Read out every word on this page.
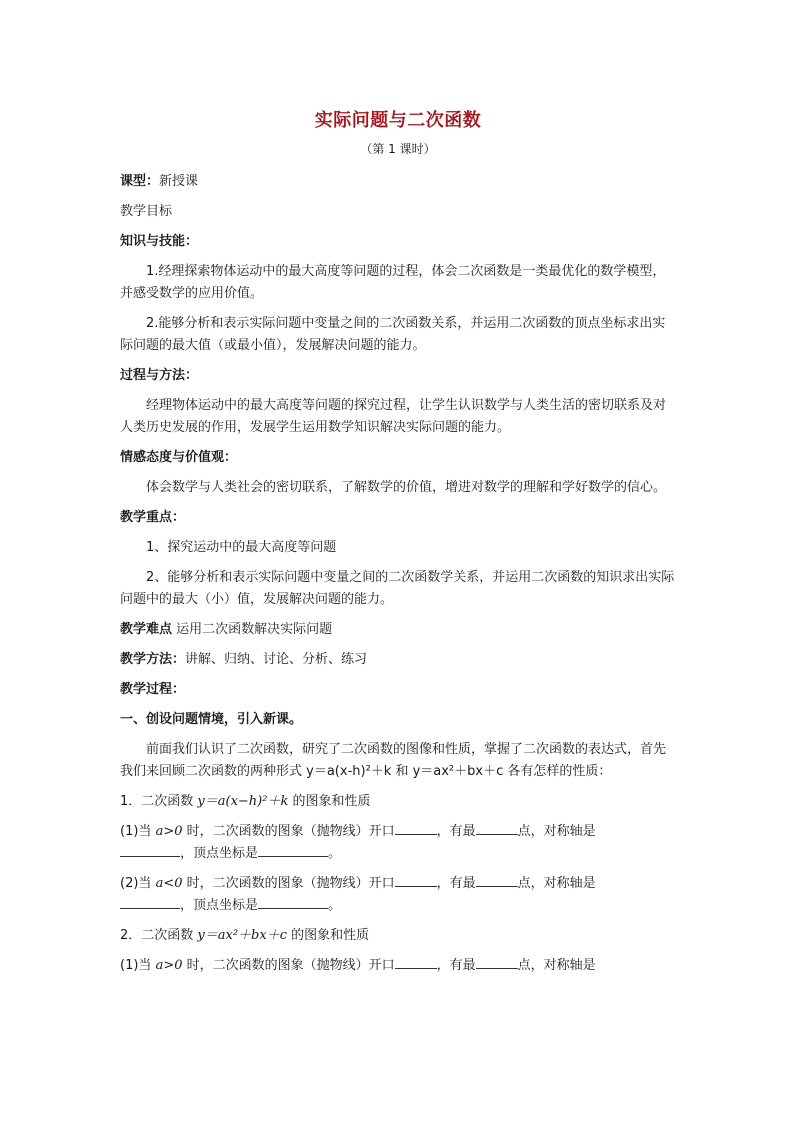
实际问题与二次函数
（第 1 课时）

课型：新授课

教学目标

知识与技能：

1.经理探索物体运动中的最大高度等问题的过程，体会二次函数是一类最优化的数学模型，并感受数学的应用价值。

2.能够分析和表示实际问题中变量之间的二次函数关系，并运用二次函数的顶点坐标求出实际问题的最大值（或最小值），发展解决问题的能力。

过程与方法：

经理物体运动中的最大高度等问题的探究过程，让学生认识数学与人类生活的密切联系及对人类历史发展的作用，发展学生运用数学知识解决实际问题的能力。

情感态度与价值观：

体会数学与人类社会的密切联系，了解数学的价值，增进对数学的理解和学好数学的信心。

教学重点：

1、探究运动中的最大高度等问题

2、能够分析和表示实际问题中变量之间的二次函数学关系，并运用二次函数的知识求出实际问题中的最大（小）值，发展解决问题的能力。

教学难点 运用二次函数解决实际问题

教学方法：讲解、归纳、讨论、分析、练习

教学过程：

一、创设问题情境，引入新课。

前面我们认识了二次函数，研究了二次函数的图像和性质，掌握了二次函数的表达式，首先我们来回顾二次函数的两种形式 y＝a(x-h)²＋k 和 y＝ax²＋bx＋c 各有怎样的性质：

1．二次函数 y＝a(x−h)²＋k 的图象和性质

(1)当 a>0 时，二次函数的图象（抛物线）开口	，有最	点，对称轴是
，顶点坐标是	。

(2)当 a<0 时，二次函数的图象（抛物线）开口	，有最	点，对称轴是
，顶点坐标是	。

2．二次函数 y＝ax²＋bx＋c 的图象和性质

(1)当 a>0 时，二次函数的图象（抛物线）开口	，有最	点，对称轴是
